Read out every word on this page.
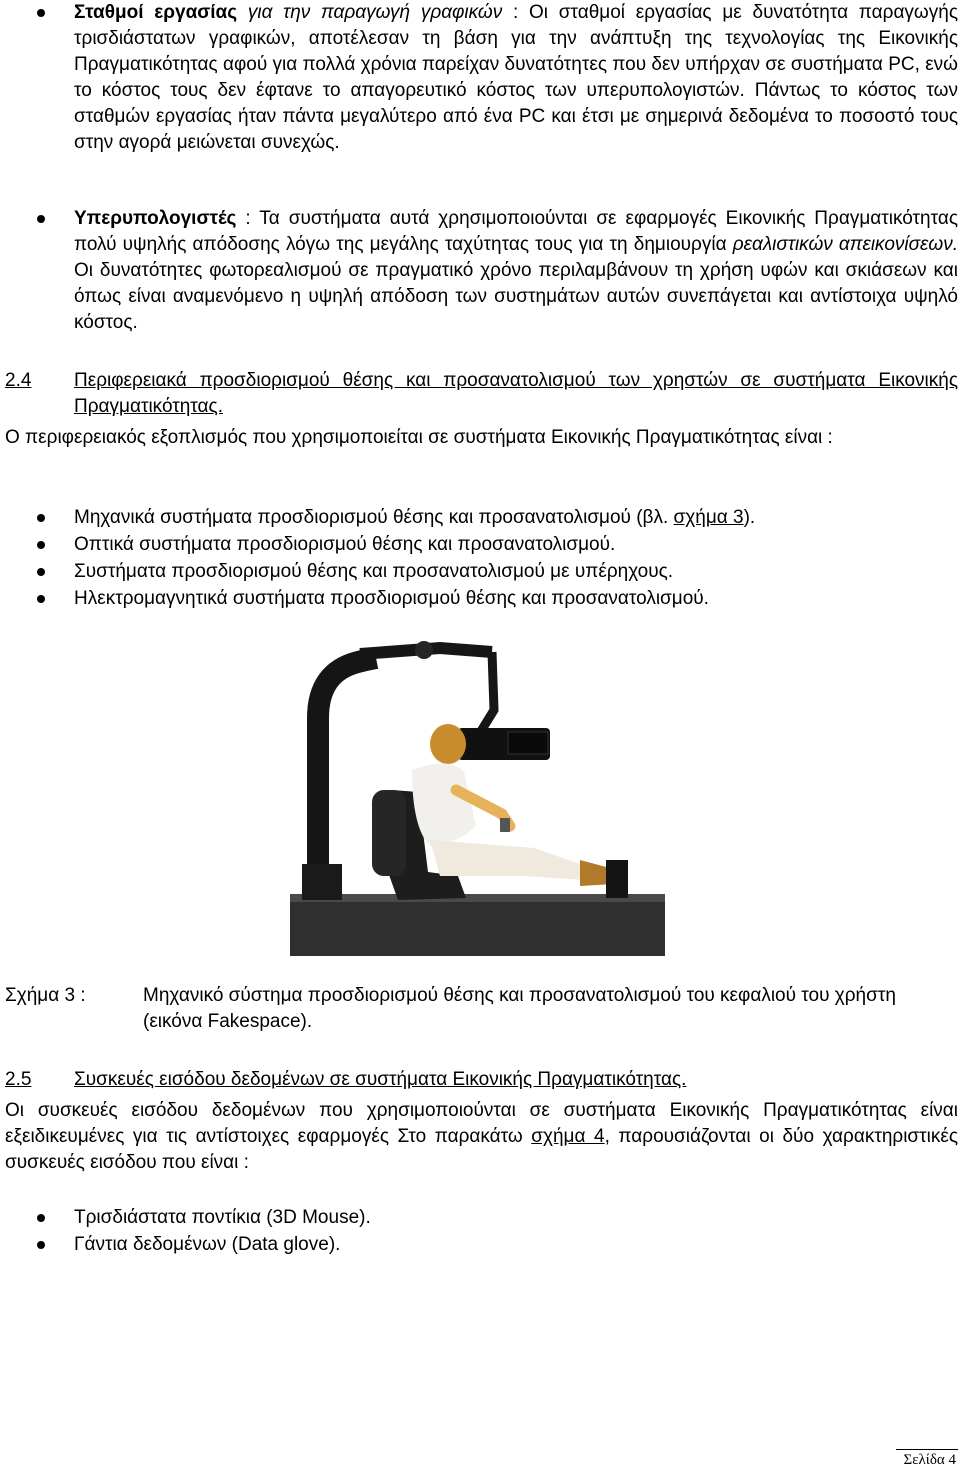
Σταθμοί εργασίας για την παραγωγή γραφικών : Οι σταθμοί εργασίας με δυνατότητα παραγωγής τρισδιάστατων γραφικών, αποτέλεσαν τη βάση για την ανάπτυξη της τεχνολογίας της Εικονικής Πραγματικότητας αφού για πολλά χρόνια παρείχαν δυνατότητες που δεν υπήρχαν σε συστήματα PC, ενώ το κόστος τους δεν έφτανε το απαγορευτικό κόστος των υπερυπολογιστών. Πάντως το κόστος των σταθμών εργασίας ήταν πάντα μεγαλύτερο από ένα PC και έτσι με σημερινά δεδομένα το ποσοστό τους στην αγορά μειώνεται συνεχώς.
Υπερυπολογιστές : Τα συστήματα αυτά χρησιμοποιούνται σε εφαρμογές Εικονικής Πραγματικότητας πολύ υψηλής απόδοσης λόγω της μεγάλης ταχύτητας τους για τη δημιουργία ρεαλιστικών απεικονίσεων. Οι δυνατότητες φωτορεαλισμού σε πραγματικό χρόνο περιλαμβάνουν τη χρήση υφών και σκιάσεων και όπως είναι αναμενόμενο η υψηλή απόδοση των συστημάτων αυτών συνεπάγεται και αντίστοιχα υψηλό κόστος.
2.4 Περιφερειακά προσδιορισμού θέσης και προσανατολισμού των χρηστών σε συστήματα Εικονικής Πραγματικότητας.
Ο περιφερειακός εξοπλισμός που χρησιμοποιείται σε συστήματα Εικονικής Πραγματικότητας είναι :
Μηχανικά συστήματα προσδιορισμού θέσης και προσανατολισμού (βλ. σχήμα 3).
Οπτικά συστήματα προσδιορισμού θέσης και προσανατολισμού.
Συστήματα προσδιορισμού θέσης και προσανατολισμού με υπέρηχους.
Ηλεκτρομαγνητικά συστήματα προσδιορισμού θέσης και προσανατολισμού.
Σχήμα 3 :	Μηχανικό σύστημα προσδιορισμού θέσης και προσανατολισμού του κεφαλιού του χρήστη (εικόνα Fakespace).
2.5 Συσκευές εισόδου δεδομένων σε συστήματα Εικονικής Πραγματικότητας.
Οι συσκευές εισόδου δεδομένων που χρησιμοποιούνται σε συστήματα Εικονικής Πραγματικότητας είναι εξειδικευμένες για τις αντίστοιχες εφαρμογές Στο παρακάτω σχήμα 4, παρουσιάζονται οι δύο χαρακτηριστικές συσκευές εισόδου που είναι :
Τρισδιάστατα ποντίκια (3D Mouse).
Γάντια δεδομένων (Data glove).
Σελίδα 4
